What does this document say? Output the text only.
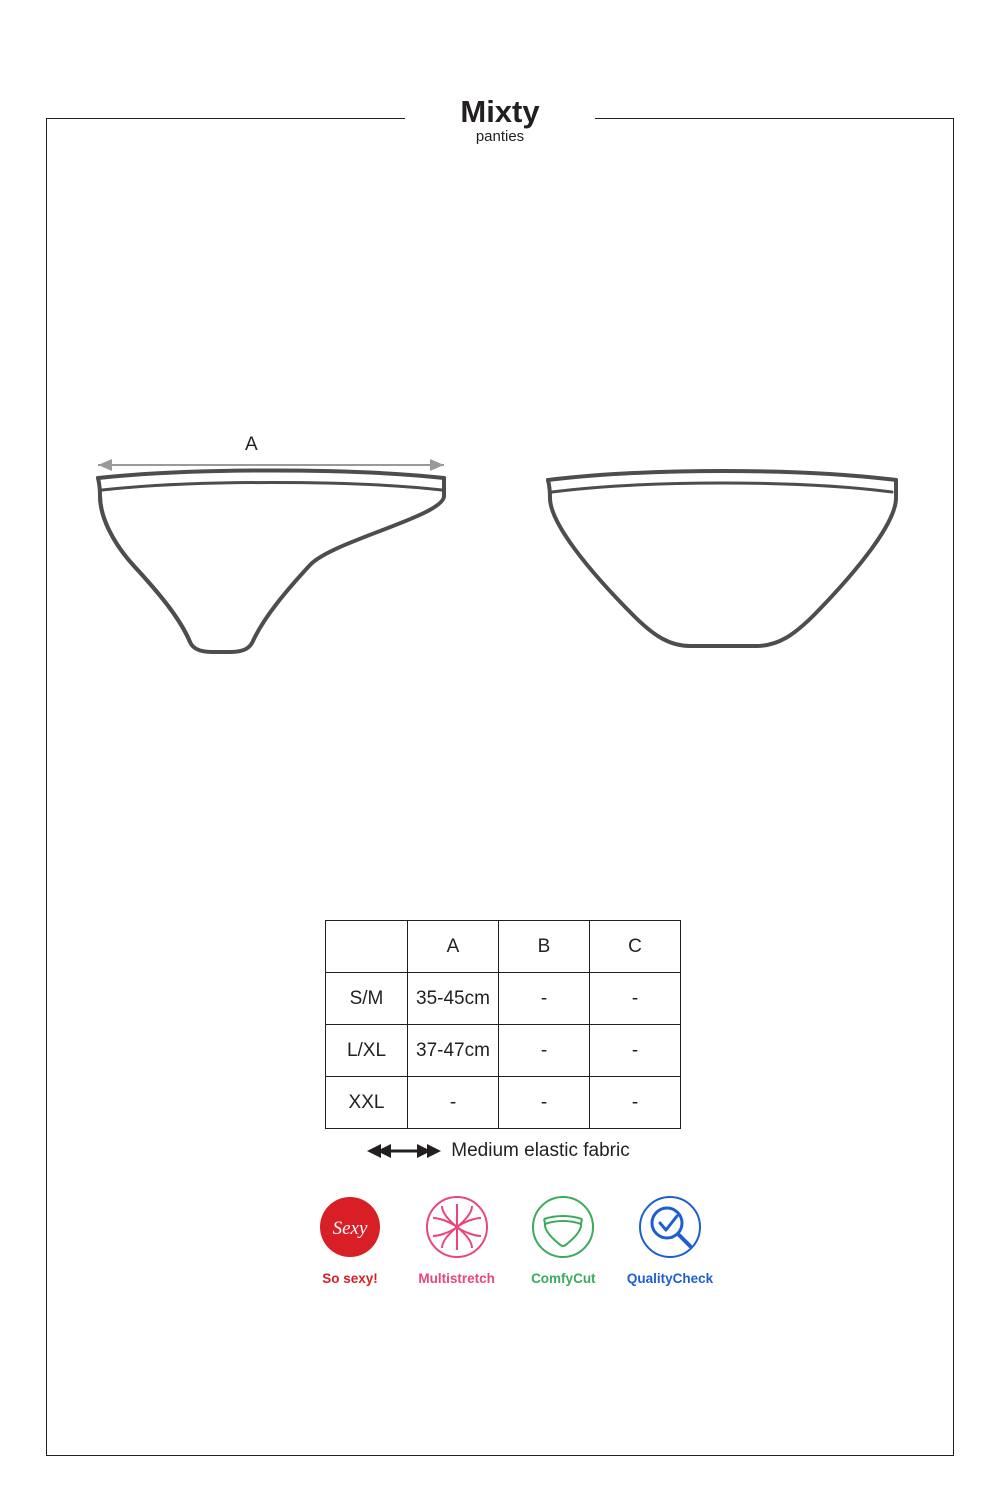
Mixty
panties
A
	A	B	C
S/M	35-45cm	-	-
L/XL	37-47cm	-	-
XXL	-	-	-
Medium elastic fabric
Sexy
So sexy!	Multistretch	ComfyCut	QualityCheck
